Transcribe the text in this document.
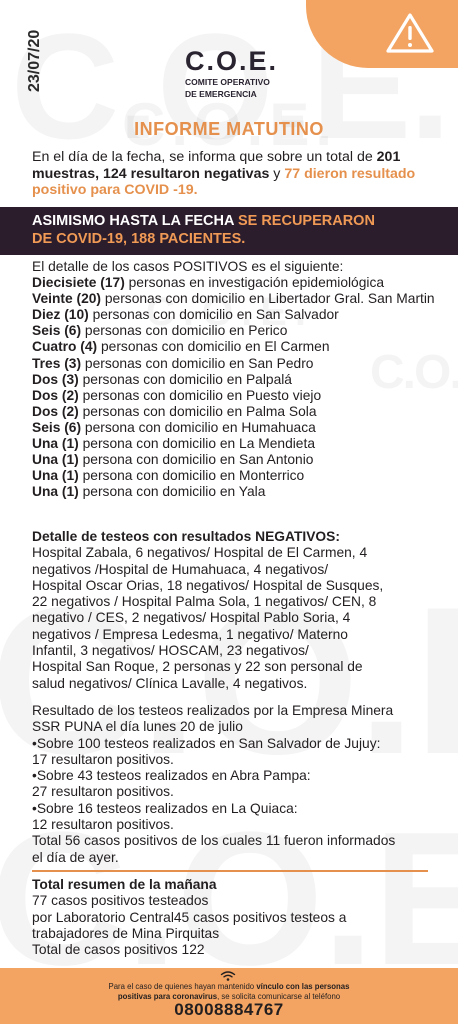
23/07/20	C.O.E.
COMITE OPERATIVO
DE EMERGENCIA
INFORME MATUTINO
En el día de la fecha, se informa que sobre un total de 201 muestras, 124 resultaron negativas y 77 dieron resultado positivo para COVID -19.
ASIMISMO HASTA LA FECHA SE RECUPERARON
DE COVID-19, 188 PACIENTES.
El detalle de los casos POSITIVOS es el siguiente:
Diecisiete (17) personas en investigación epidemiológica
Veinte (20) personas con domicilio en Libertador Gral. San Martin
Diez (10) personas con domicilio en San Salvador
Seis (6) personas con domicilio en Perico
Cuatro (4) personas con domicilio en El Carmen
Tres (3) personas con domicilio en San Pedro
Dos (3) personas con domicilio en Palpalá
Dos (2) personas con domicilio en Puesto viejo
Dos (2) personas con domicilio en Palma Sola
Seis (6) persona con domicilio en Humahuaca
Una (1) persona con domicilio en La Mendieta
Una (1) persona con domicilio en San Antonio
Una (1) persona con domicilio en Monterrico
Una (1) persona con domicilio en Yala
Detalle de testeos con resultados NEGATIVOS:
Hospital Zabala, 6 negativos/ Hospital de El Carmen, 4
negativos /Hospital de Humahuaca, 4 negativos/
Hospital Oscar Orias, 18 negativos/ Hospital de Susques,
22 negativos / Hospital Palma Sola, 1 negativos/ CEN, 8
negativo / CES, 2 negativos/ Hospital Pablo Soria, 4
negativos / Empresa Ledesma, 1 negativo/ Materno
Infantil, 3 negativos/ HOSCAM, 23 negativos/
Hospital San Roque, 2 personas y 22 son personal de
salud negativos/ Clínica Lavalle, 4 negativos.
Resultado de los testeos realizados por la Empresa Minera
SSR PUNA el día lunes 20 de julio
•Sobre 100 testeos realizados en San Salvador de Jujuy:
17 resultaron positivos.
•Sobre 43 testeos realizados en Abra Pampa:
27 resultaron positivos.
•Sobre 16 testeos realizados en La Quiaca:
12 resultaron positivos.
Total 56 casos positivos de los cuales 11 fueron informados
el día de ayer.
Total resumen de la mañana
77 casos positivos testeados
por Laboratorio Central45 casos positivos testeos a
trabajadores de Mina Pirquitas
Total de casos positivos 122
Para el caso de quienes hayan mantenido vínculo con las personas
positivas para coronavirus, se solicita comunicarse al teléfono
08008884767
